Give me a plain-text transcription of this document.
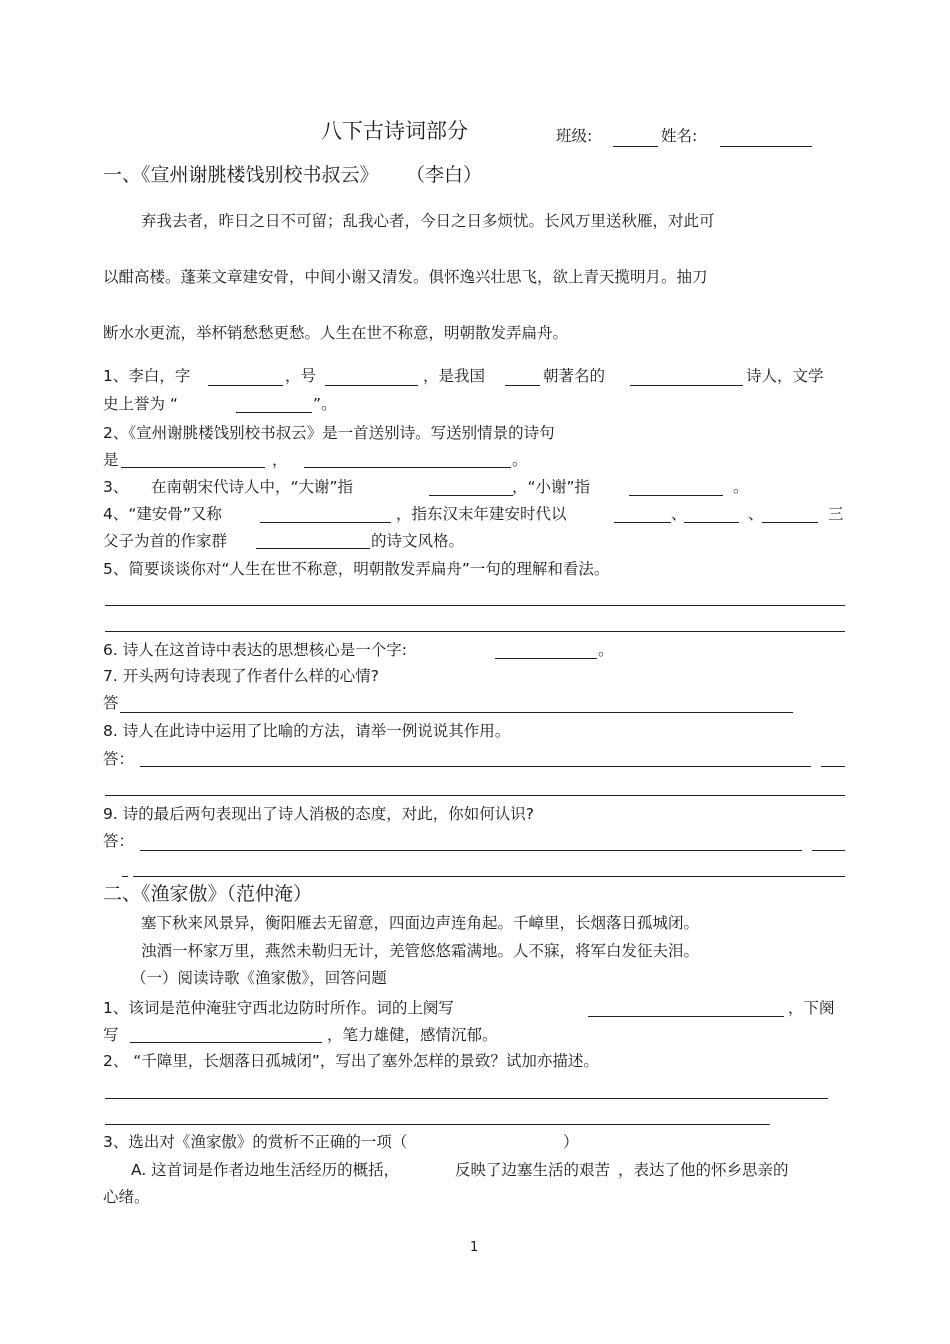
八下古诗词部分	班级:	姓名:
一、《宣州谢朓楼饯别校书叔云》 （李白）
弃我去者，昨日之日不可留；乱我心者，今日之日多烦忧。长风万里送秋雁，对此可
以酣高楼。蓬莱文章建安骨，中间小谢又清发。俱怀逸兴壮思飞，欲上青天揽明月。抽刀
断水水更流，举杯销愁愁更愁。人生在世不称意，明朝散发弄扁舟。
1、李白，字	，号	，是我国	朝著名的	诗人，文学
史上誉为 “	”。
2、《宣州谢朓楼饯别校书叔云》是一首送别诗。写送别情景的诗句
是	，	。
3、 在南朝宋代诗人中，“大谢”指	，“小谢”指	。
4、“建安骨”又称	，指东汉末年建安时代以	、	、	三
父子为首的作家群	的诗文风格。
5、简要谈谈你对“人生在世不称意，明朝散发弄扁舟”一句的理解和看法。
6. 诗人在这首诗中表达的思想核心是一个字:	。
7. 开头两句诗表现了作者什么样的心情?
答
8. 诗人在此诗中运用了比喻的方法，请举一例说说其作用。
答：
9. 诗的最后两句表现出了诗人消极的态度，对此，你如何认识?
答：
二、《渔家傲》（范仲淹）
塞下秋来风景异，衡阳雁去无留意，四面边声连角起。千嶂里，长烟落日孤城闭。
浊酒一杯家万里，燕然未勒归无计，羌管悠悠霜满地。人不寐，将军白发征夫泪。
（一）阅读诗歌《渔家傲》，回答问题
1、该词是范仲淹驻守西北边防时所作。词的上阕写	，下阕
写	，笔力雄健，感情沉郁。
2、 “千障里，长烟落日孤城闭”，写出了塞外怎样的景致？试加亦描述。
3、选出对《渔家傲》的赏析不正确的一项（	）
A. 这首词是作者边地生活经历的概括，	反映了边塞生活的艰苦 ，表达了他的怀乡思亲的
心绪。
1
